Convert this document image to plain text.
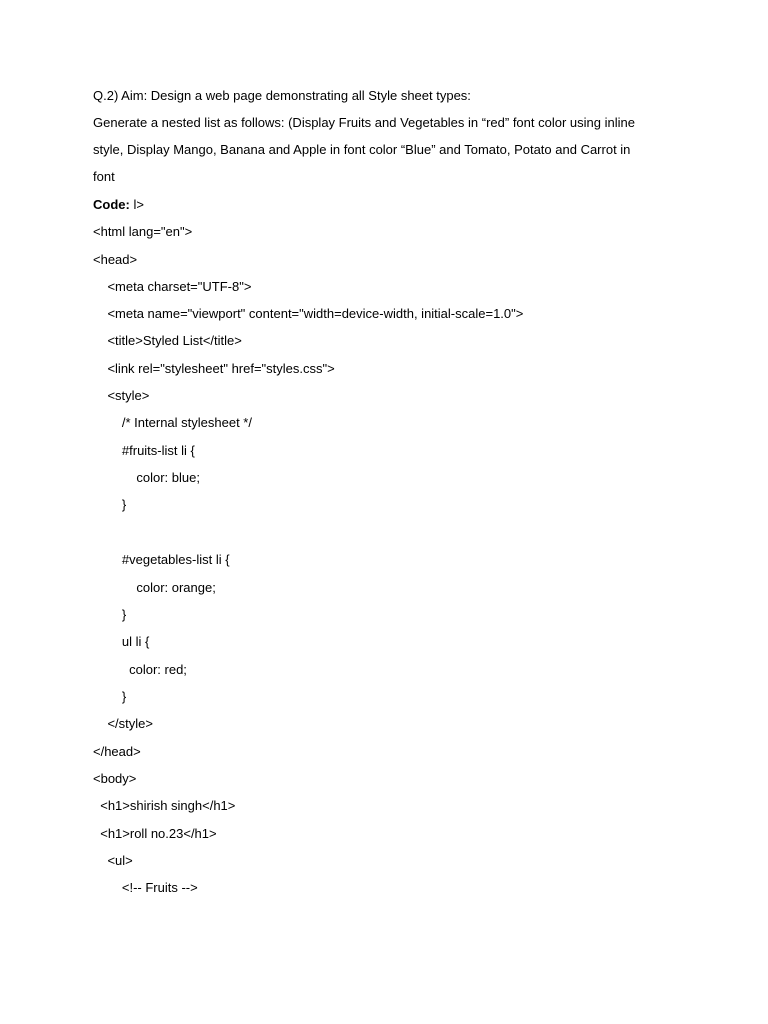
Q.2) Aim: Design a web page demonstrating all Style sheet types:
Generate a nested list as follows: (Display Fruits and Vegetables in “red” font color using inline
style, Display Mango, Banana and Apple in font color “Blue” and Tomato, Potato and Carrot in
font
Code: l>
<html lang="en">
<head>
<meta charset="UTF-8">
<meta name="viewport" content="width=device-width, initial-scale=1.0">
<title>Styled List</title>
<link rel="stylesheet" href="styles.css">
<style>
/* Internal stylesheet */
#fruits-list li {
color: blue;
}
#vegetables-list li {
color: orange;
}
ul li {
color: red;
}
</style>
</head>
<body>
<h1>shirish singh</h1>
<h1>roll no.23</h1>
<ul>
<!-- Fruits -->
